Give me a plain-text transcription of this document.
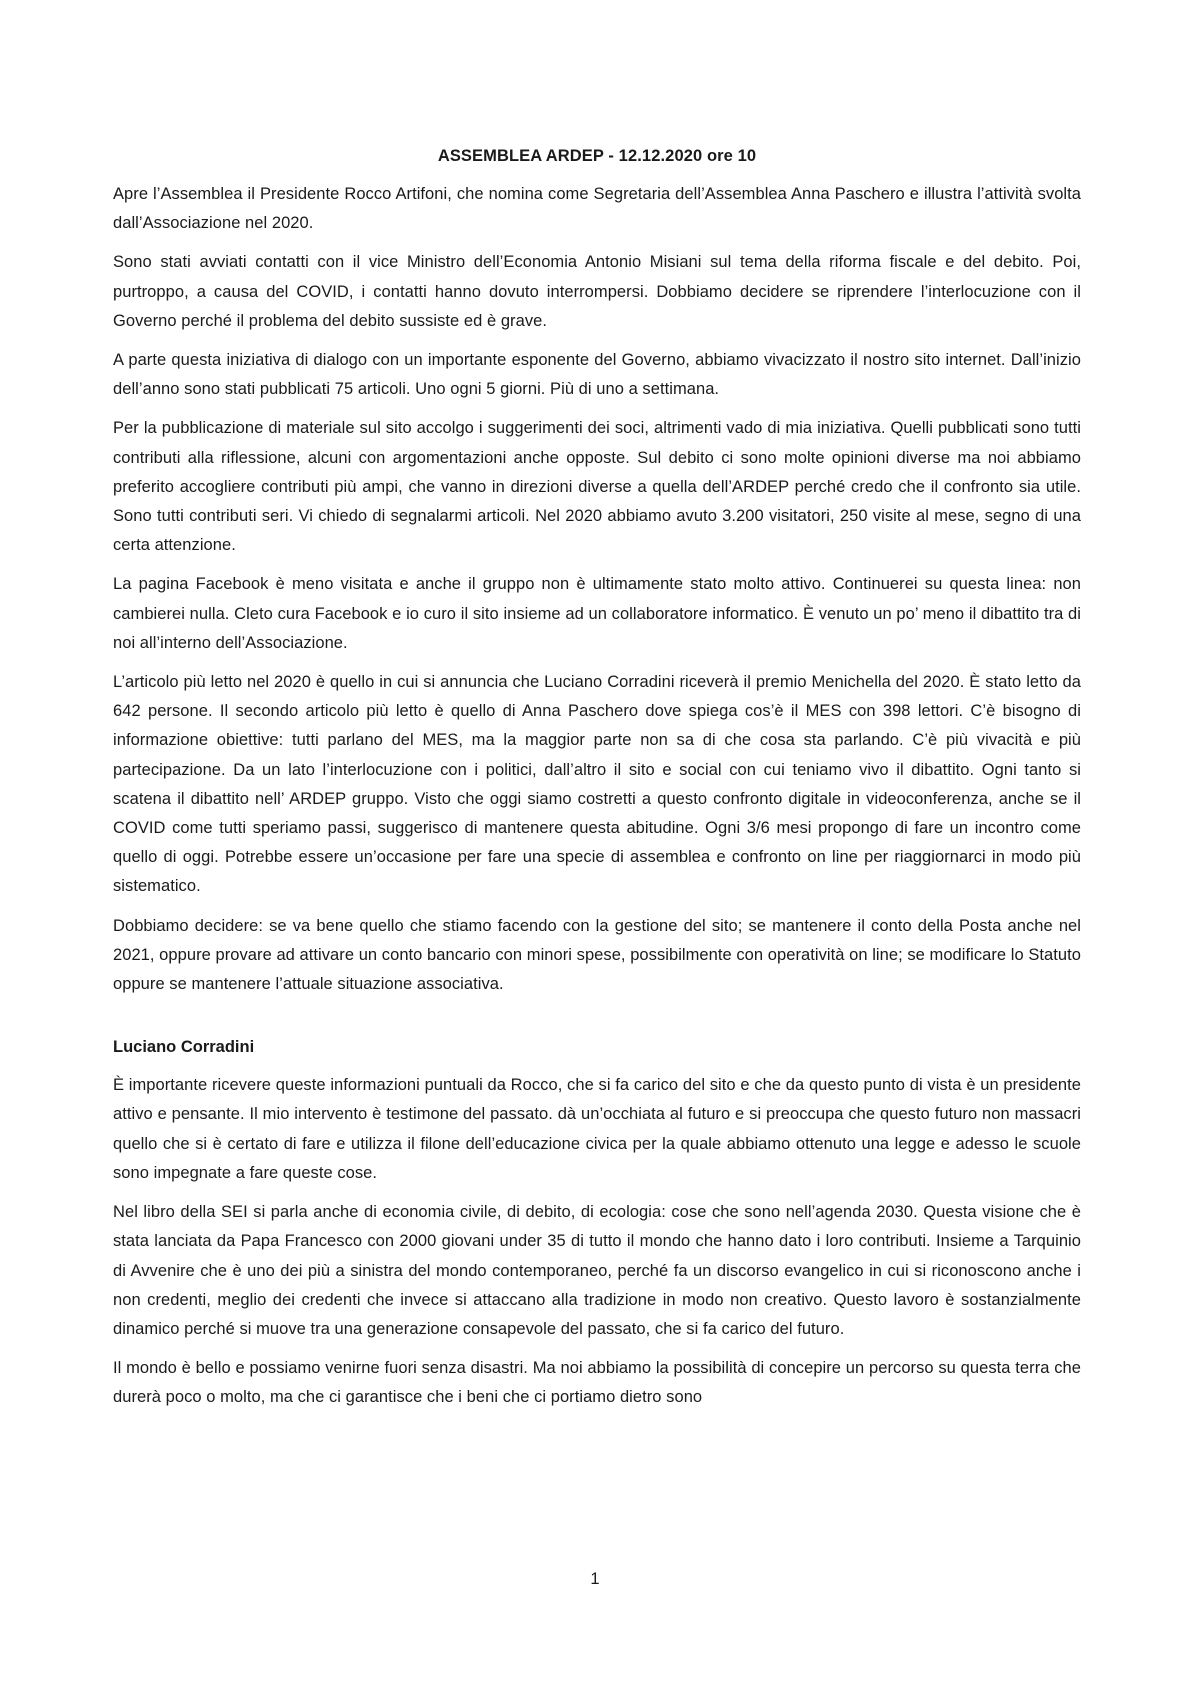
ASSEMBLEA ARDEP - 12.12.2020 ore 10

Apre l’Assemblea il Presidente Rocco Artifoni, che nomina come Segretaria dell’Assemblea Anna Paschero e illustra l’attività svolta dall’Associazione nel 2020.

Sono stati avviati contatti con il vice Ministro dell’Economia Antonio Misiani sul tema della riforma fiscale e del debito. Poi, purtroppo, a causa del COVID, i contatti hanno dovuto interrompersi. Dobbiamo decidere se riprendere l’interlocuzione con il Governo perché il problema del debito sussiste ed è grave.

A parte questa iniziativa di dialogo con un importante esponente del Governo, abbiamo vivacizzato il nostro sito internet. Dall’inizio dell’anno sono stati pubblicati 75 articoli. Uno ogni 5 giorni. Più di uno a settimana.

Per la pubblicazione di materiale sul sito accolgo i suggerimenti dei soci, altrimenti vado di mia iniziativa. Quelli pubblicati sono tutti contributi alla riflessione, alcuni con argomentazioni anche opposte. Sul debito ci sono molte opinioni diverse ma noi abbiamo preferito accogliere contributi più ampi, che vanno in direzioni diverse a quella dell’ARDEP perché credo che il confronto sia utile. Sono tutti contributi seri. Vi chiedo di segnalarmi articoli. Nel 2020 abbiamo avuto 3.200 visitatori, 250 visite al mese, segno di una certa attenzione.

La pagina Facebook è meno visitata e anche il gruppo non è ultimamente stato molto attivo. Continuerei su questa linea: non cambierei nulla. Cleto cura Facebook e io curo il sito insieme ad un collaboratore informatico. È venuto un po’ meno il dibattito tra di noi all’interno dell’Associazione.

L’articolo più letto nel 2020 è quello in cui si annuncia che Luciano Corradini riceverà il premio Menichella del 2020. È stato letto da 642 persone. Il secondo articolo più letto è quello di Anna Paschero dove spiega cos’è il MES con 398 lettori. C’è bisogno di informazione obiettive: tutti parlano del MES, ma la maggior parte non sa di che cosa sta parlando. C’è più vivacità e più partecipazione. Da un lato l’interlocuzione con i politici, dall’altro il sito e social con cui teniamo vivo il dibattito. Ogni tanto si scatena il dibattito nell’ ARDEP gruppo. Visto che oggi siamo costretti a questo confronto digitale in videoconferenza, anche se il COVID come tutti speriamo passi, suggerisco di mantenere questa abitudine. Ogni 3/6 mesi propongo di fare un incontro come quello di oggi. Potrebbe essere un’occasione per fare una specie di assemblea e confronto on line per riaggiornarci in modo più sistematico.

Dobbiamo decidere: se va bene quello che stiamo facendo con la gestione del sito; se mantenere il conto della Posta anche nel 2021, oppure provare ad attivare un conto bancario con minori spese, possibilmente con operatività on line; se modificare lo Statuto oppure se mantenere l’attuale situazione associativa.

Luciano Corradini

È importante ricevere queste informazioni puntuali da Rocco, che si fa carico del sito e che da questo punto di vista è un presidente attivo e pensante. Il mio intervento è testimone del passato. dà un’occhiata al futuro e si preoccupa che questo futuro non massacri quello che si è certato di fare e utilizza il filone dell’educazione civica per la quale abbiamo ottenuto una legge e adesso le scuole sono impegnate a fare queste cose.

Nel libro della SEI si parla anche di economia civile, di debito, di ecologia: cose che sono nell’agenda 2030. Questa visione che è stata lanciata da Papa Francesco con 2000 giovani under 35 di tutto il mondo che hanno dato i loro contributi. Insieme a Tarquinio di Avvenire che è uno dei più a sinistra del mondo contemporaneo, perché fa un discorso evangelico in cui si riconoscono anche i non credenti, meglio dei credenti che invece si attaccano alla tradizione in modo non creativo. Questo lavoro è sostanzialmente dinamico perché si muove tra una generazione consapevole del passato, che si fa carico del futuro.

Il mondo è bello e possiamo venirne fuori senza disastri. Ma noi abbiamo la possibilità di concepire un percorso su questa terra che durerà poco o molto, ma che ci garantisce che i beni che ci portiamo dietro sono

1
